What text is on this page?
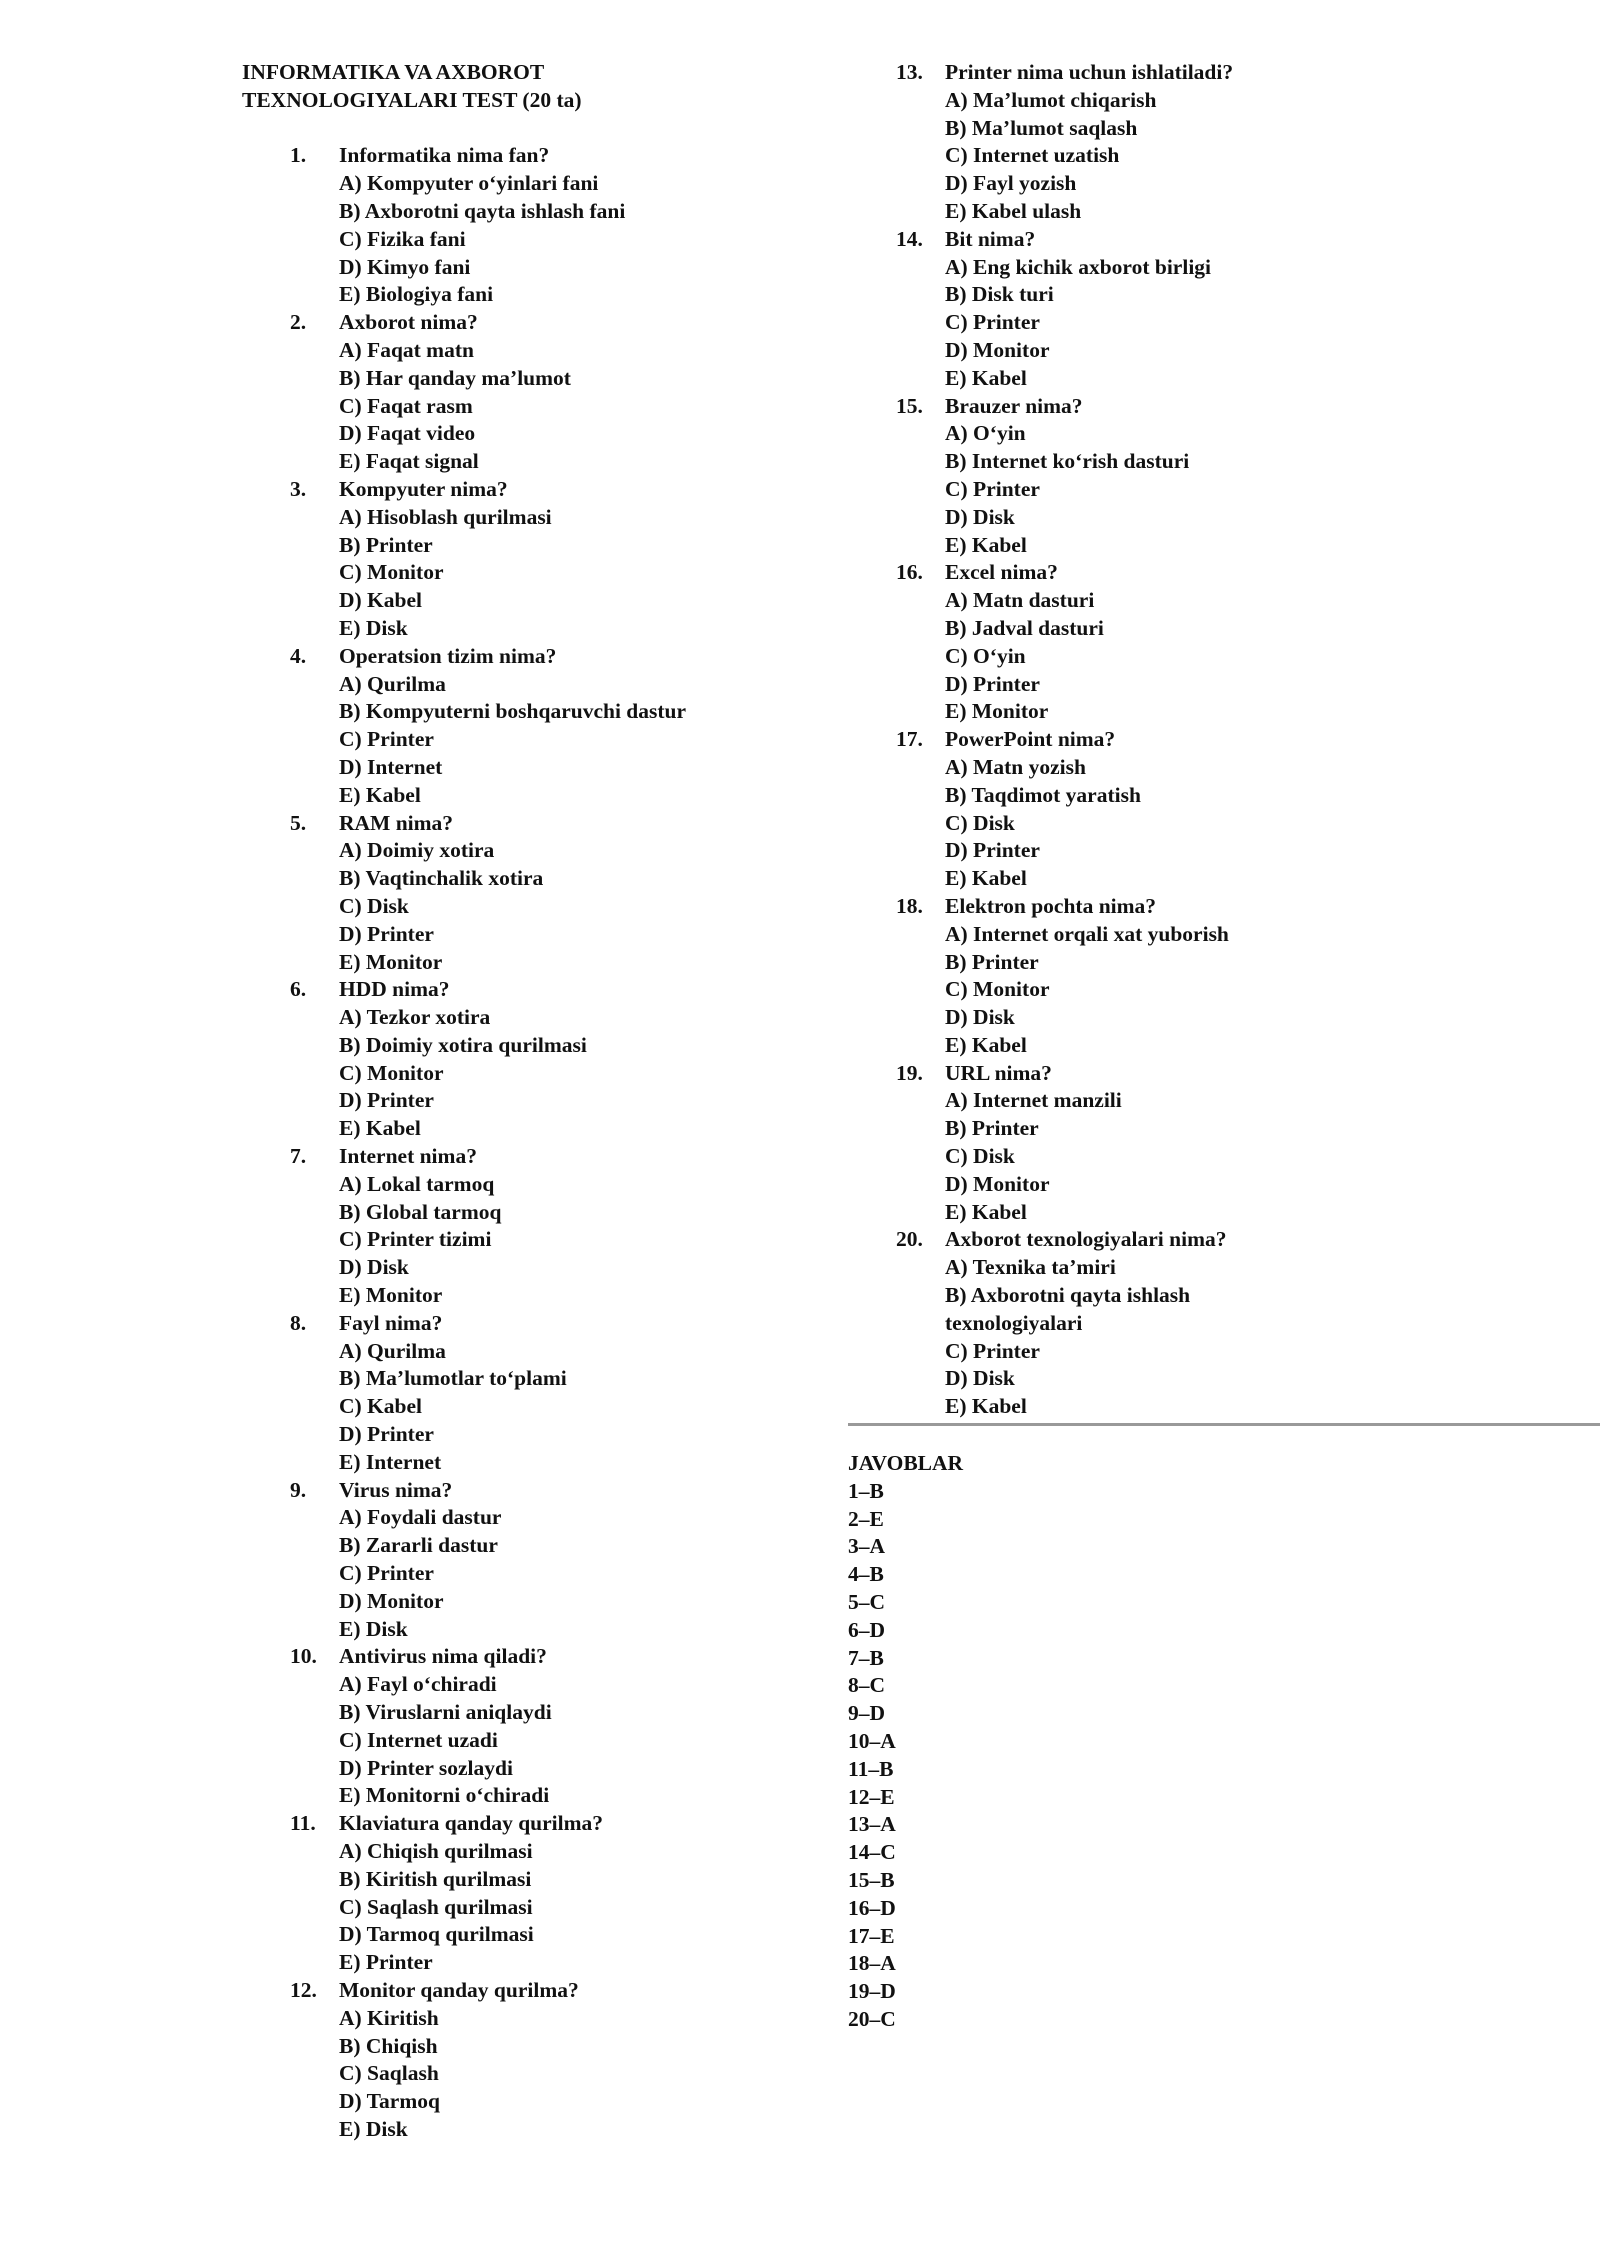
INFORMATIKA VA AXBOROT
TEXNOLOGIYALARI TEST (20 ta)
1. Informatika nima fan?
A) Kompyuter o‘yinlari fani
B) Axborotni qayta ishlash fani
C) Fizika fani
D) Kimyo fani
E) Biologiya fani
2. Axborot nima?
A) Faqat matn
B) Har qanday ma’lumot
C) Faqat rasm
D) Faqat video
E) Faqat signal
3. Kompyuter nima?
A) Hisoblash qurilmasi
B) Printer
C) Monitor
D) Kabel
E) Disk
4. Operatsion tizim nima?
A) Qurilma
B) Kompyuterni boshqaruvchi dastur
C) Printer
D) Internet
E) Kabel
5. RAM nima?
A) Doimiy xotira
B) Vaqtinchalik xotira
C) Disk
D) Printer
E) Monitor
6. HDD nima?
A) Tezkor xotira
B) Doimiy xotira qurilmasi
C) Monitor
D) Printer
E) Kabel
7. Internet nima?
A) Lokal tarmoq
B) Global tarmoq
C) Printer tizimi
D) Disk
E) Monitor
8. Fayl nima?
A) Qurilma
B) Ma’lumotlar to‘plami
C) Kabel
D) Printer
E) Internet
9. Virus nima?
A) Foydali dastur
B) Zararli dastur
C) Printer
D) Monitor
E) Disk
10. Antivirus nima qiladi?
A) Fayl o‘chiradi
B) Viruslarni aniqlaydi
C) Internet uzadi
D) Printer sozlaydi
E) Monitorni o‘chiradi
11. Klaviatura qanday qurilma?
A) Chiqish qurilmasi
B) Kiritish qurilmasi
C) Saqlash qurilmasi
D) Tarmoq qurilmasi
E) Printer
12. Monitor qanday qurilma?
A) Kiritish
B) Chiqish
C) Saqlash
D) Tarmoq
E) Disk
13. Printer nima uchun ishlatiladi?
A) Ma’lumot chiqarish
B) Ma’lumot saqlash
C) Internet uzatish
D) Fayl yozish
E) Kabel ulash
14. Bit nima?
A) Eng kichik axborot birligi
B) Disk turi
C) Printer
D) Monitor
E) Kabel
15. Brauzer nima?
A) O‘yin
B) Internet ko‘rish dasturi
C) Printer
D) Disk
E) Kabel
16. Excel nima?
A) Matn dasturi
B) Jadval dasturi
C) O‘yin
D) Printer
E) Monitor
17. PowerPoint nima?
A) Matn yozish
B) Taqdimot yaratish
C) Disk
D) Printer
E) Kabel
18. Elektron pochta nima?
A) Internet orqali xat yuborish
B) Printer
C) Monitor
D) Disk
E) Kabel
19. URL nima?
A) Internet manzili
B) Printer
C) Disk
D) Monitor
E) Kabel
20. Axborot texnologiyalari nima?
A) Texnika ta’miri
B) Axborotni qayta ishlash
texnologiyalari
C) Printer
D) Disk
E) Kabel
JAVOBLAR
1–B
2–E
3–A
4–B
5–C
6–D
7–B
8–C
9–D
10–A
11–B
12–E
13–A
14–C
15–B
16–D
17–E
18–A
19–D
20–C
